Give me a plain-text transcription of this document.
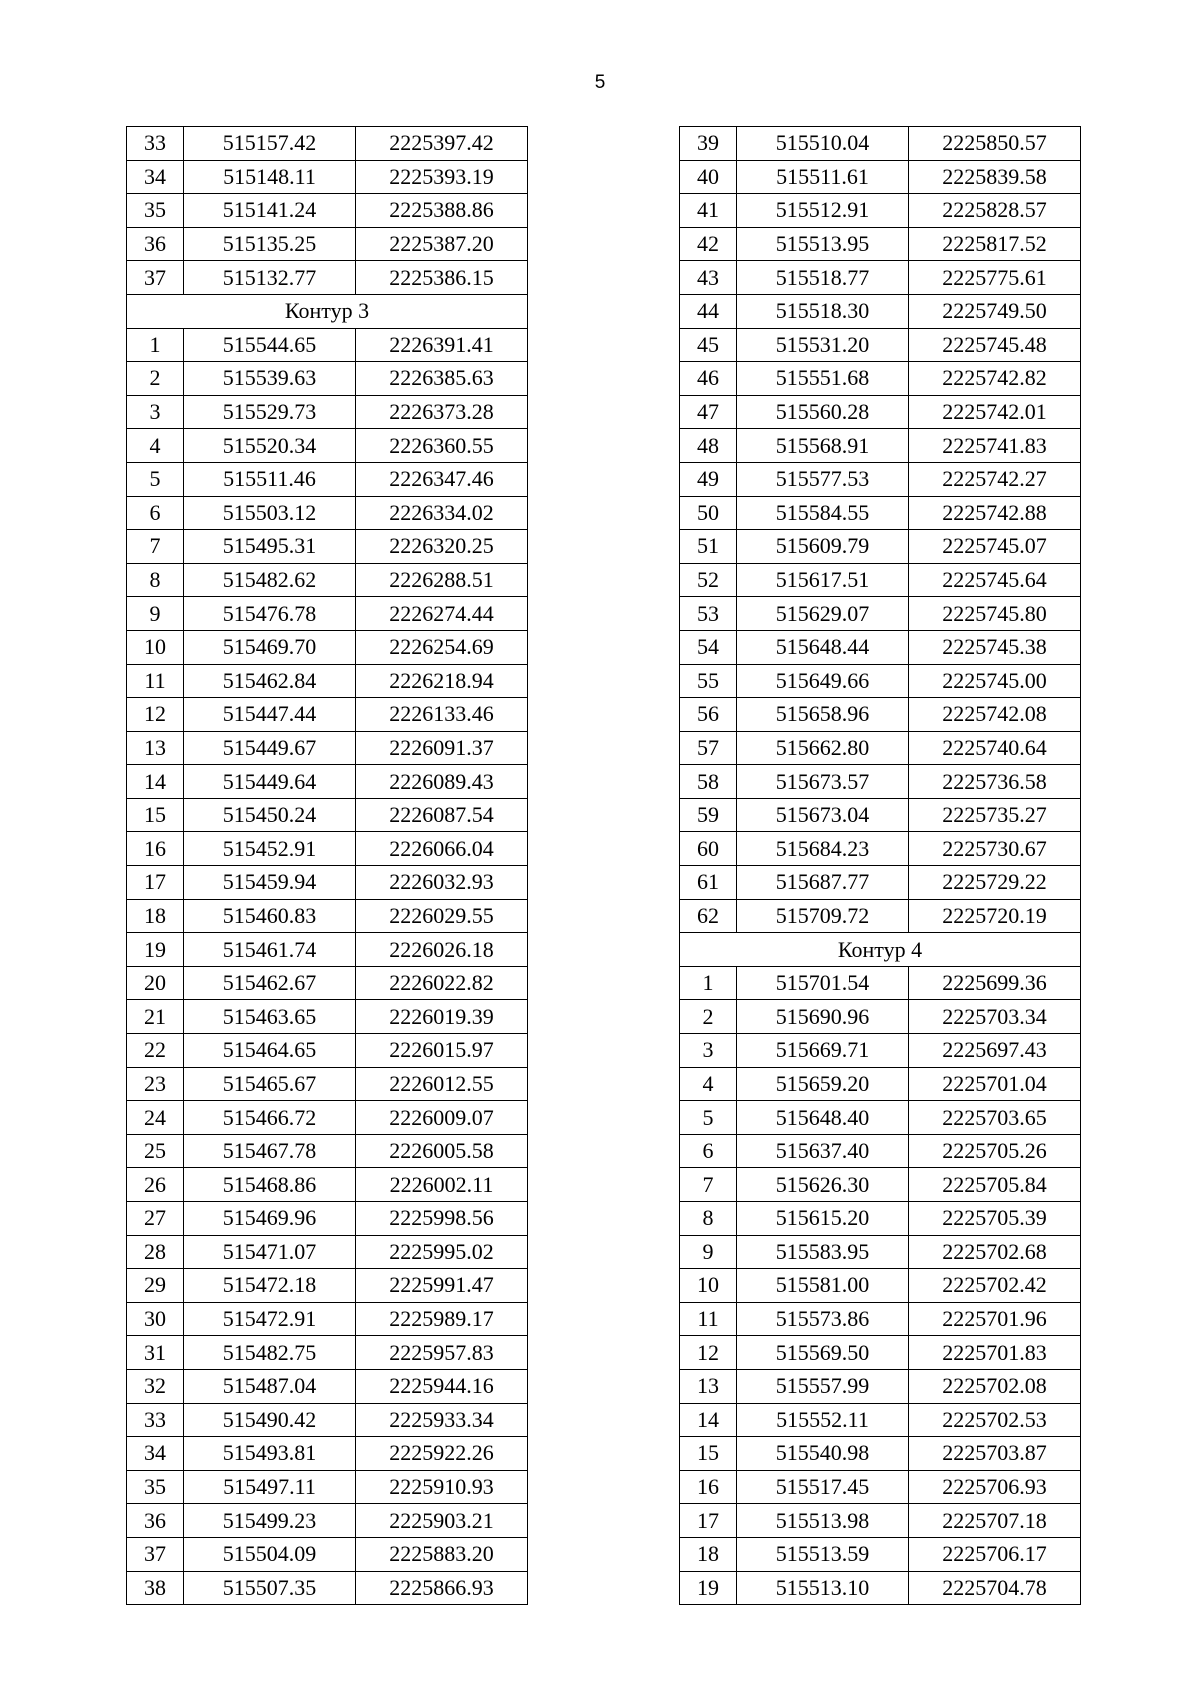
5
33	515157.42	2225397.42
34	515148.11	2225393.19
35	515141.24	2225388.86
36	515135.25	2225387.20
37	515132.77	2225386.15
Контур 3		
1	515544.65	2226391.41
2	515539.63	2226385.63
3	515529.73	2226373.28
4	515520.34	2226360.55
5	515511.46	2226347.46
6	515503.12	2226334.02
7	515495.31	2226320.25
8	515482.62	2226288.51
9	515476.78	2226274.44
10	515469.70	2226254.69
11	515462.84	2226218.94
12	515447.44	2226133.46
13	515449.67	2226091.37
14	515449.64	2226089.43
15	515450.24	2226087.54
16	515452.91	2226066.04
17	515459.94	2226032.93
18	515460.83	2226029.55
19	515461.74	2226026.18
20	515462.67	2226022.82
21	515463.65	2226019.39
22	515464.65	2226015.97
23	515465.67	2226012.55
24	515466.72	2226009.07
25	515467.78	2226005.58
26	515468.86	2226002.11
27	515469.96	2225998.56
28	515471.07	2225995.02
29	515472.18	2225991.47
30	515472.91	2225989.17
31	515482.75	2225957.83
32	515487.04	2225944.16
33	515490.42	2225933.34
34	515493.81	2225922.26
35	515497.11	2225910.93
36	515499.23	2225903.21
37	515504.09	2225883.20
38	515507.35	2225866.93
39	515510.04	2225850.57
40	515511.61	2225839.58
41	515512.91	2225828.57
42	515513.95	2225817.52
43	515518.77	2225775.61
44	515518.30	2225749.50
45	515531.20	2225745.48
46	515551.68	2225742.82
47	515560.28	2225742.01
48	515568.91	2225741.83
49	515577.53	2225742.27
50	515584.55	2225742.88
51	515609.79	2225745.07
52	515617.51	2225745.64
53	515629.07	2225745.80
54	515648.44	2225745.38
55	515649.66	2225745.00
56	515658.96	2225742.08
57	515662.80	2225740.64
58	515673.57	2225736.58
59	515673.04	2225735.27
60	515684.23	2225730.67
61	515687.77	2225729.22
62	515709.72	2225720.19
Контур 4		
1	515701.54	2225699.36
2	515690.96	2225703.34
3	515669.71	2225697.43
4	515659.20	2225701.04
5	515648.40	2225703.65
6	515637.40	2225705.26
7	515626.30	2225705.84
8	515615.20	2225705.39
9	515583.95	2225702.68
10	515581.00	2225702.42
11	515573.86	2225701.96
12	515569.50	2225701.83
13	515557.99	2225702.08
14	515552.11	2225702.53
15	515540.98	2225703.87
16	515517.45	2225706.93
17	515513.98	2225707.18
18	515513.59	2225706.17
19	515513.10	2225704.78
